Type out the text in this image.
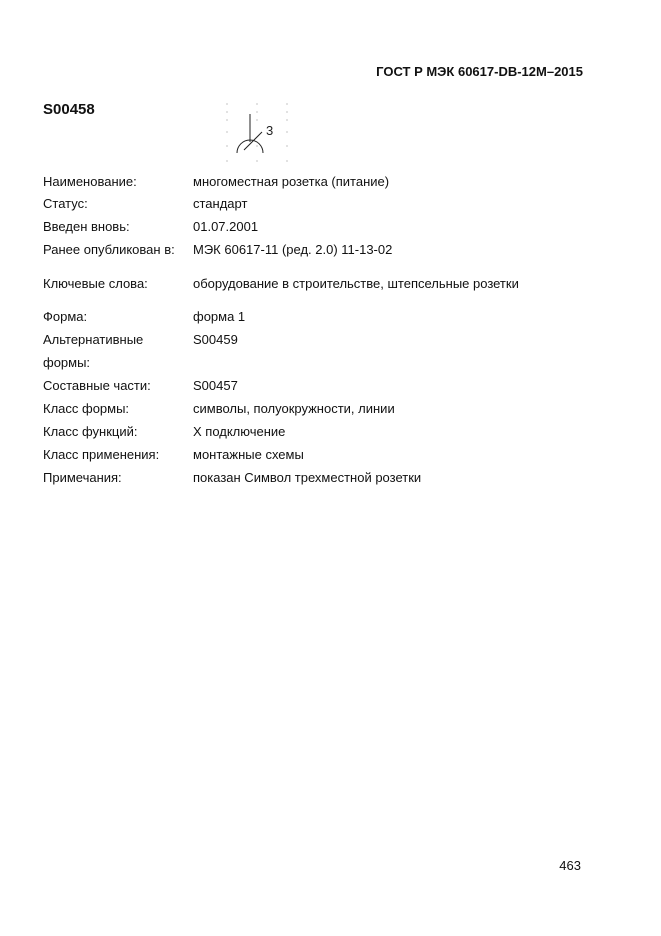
ГОСТ Р МЭК 60617-DB-12M–2015
S00458
3
Наименование:	многоместная розетка (питание)
Статус:	стандарт
Введен вновь:	01.07.2001
Ранее опубликован в:	МЭК 60617-11 (ред. 2.0) 11-13-02
Ключевые слова:	оборудование в строительстве, штепсельные розетки
Форма:	форма 1
Альтернативные	S00459
формы:
Составные части:	S00457
Класс формы:	символы, полуокружности, линии
Класс функций:	X подключение
Класс применения:	монтажные схемы
Примечания:	показан Символ трехместной розетки
463
